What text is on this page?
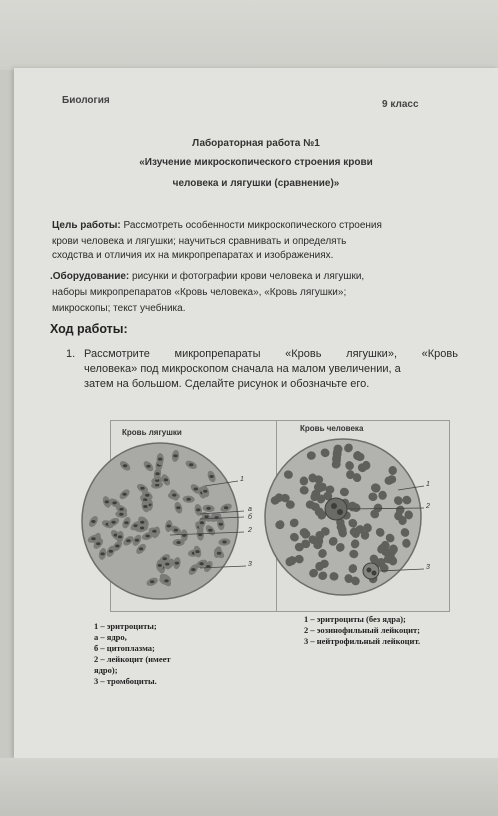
Биология	9 класс
Лабораторная работа №1
«Изучение микроскопического строения крови
человека и лягушки (сравнение)»
Цель работы: Рассмотреть особенности микроскопического строения
крови человека и лягушки; научиться сравнивать и определять
сходства и отличия их на микропрепаратах и изображениях.
.Оборудование: рисунки и фотографии крови человека и лягушки,
наборы микропрепаратов «Кровь человека», «Кровь лягушки»;
микроскопы; текст учебника.
Ход работы:
1. Рассмотрите микропрепараты «Кровь лягушки», «Кровь
человека» под микроскопом сначала на малом увеличении, а
затем на большом. Сделайте рисунок и обозначьте его.
Кровь лягушки	Кровь человека
1
а
б
2
3
1
2
3
1 – эритроциты;
а – ядро,
б – цитоплазма;
2 – лейкоцит (имеет
ядро);
3 – тромбоциты.
1 – эритроциты (без ядра);
2 – эозинофильный лейкоцит;
3 – нейтрофильный лейкоцит.
